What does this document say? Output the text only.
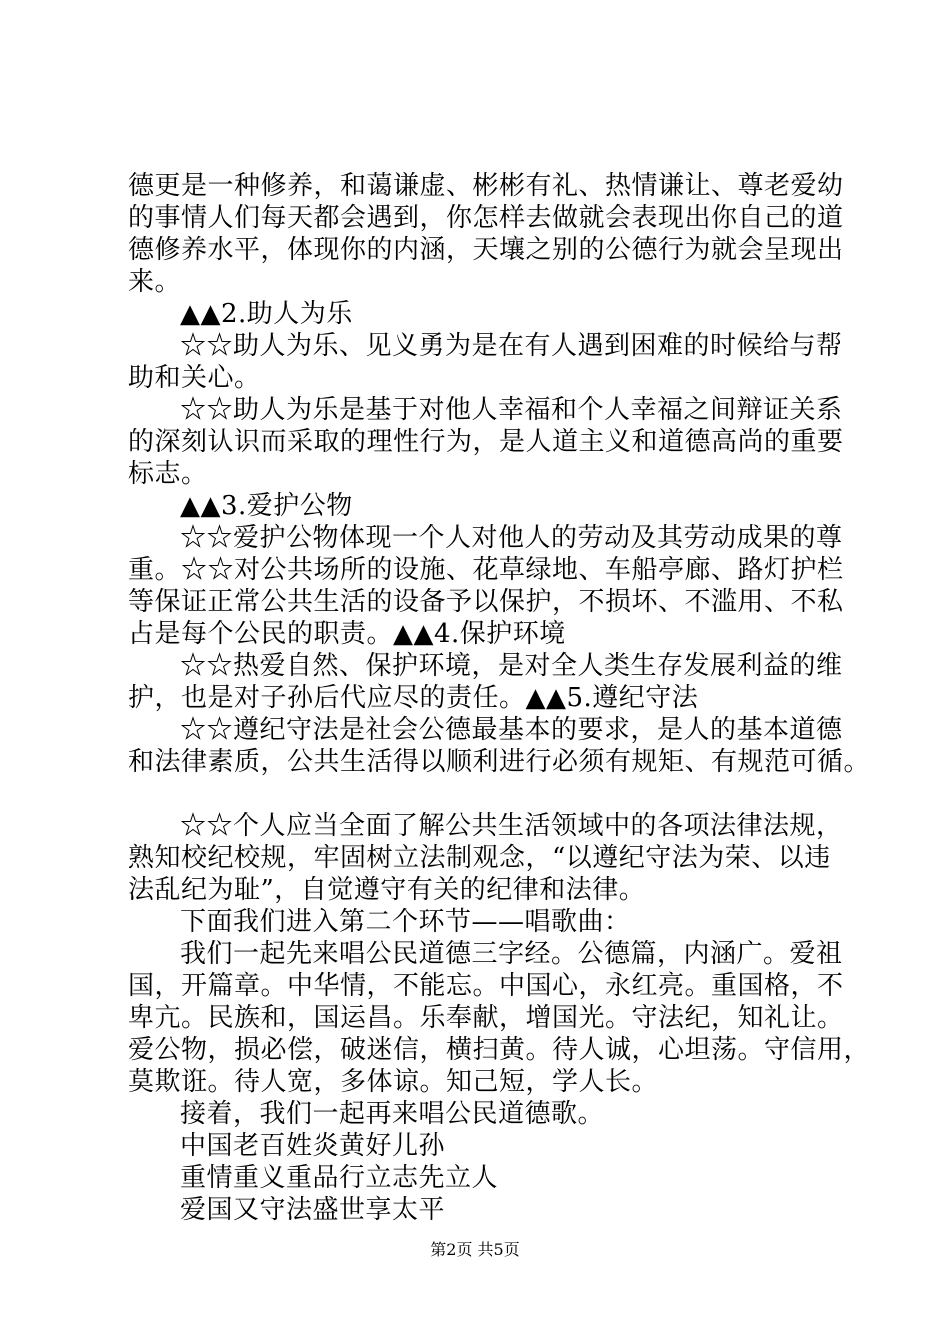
德更是一种修养，和蔼谦虚、彬彬有礼、热情谦让、尊老爱幼
的事情人们每天都会遇到，你怎样去做就会表现出你自己的道
德修养水平，体现你的内涵，天壤之别的公德行为就会呈现出
来。
▲▲2.助人为乐
☆☆助人为乐、见义勇为是在有人遇到困难的时候给与帮
助和关心。
☆☆助人为乐是基于对他人幸福和个人幸福之间辩证关系
的深刻认识而采取的理性行为，是人道主义和道德高尚的重要
标志。
▲▲3.爱护公物
☆☆爱护公物体现一个人对他人的劳动及其劳动成果的尊
重。☆☆对公共场所的设施、花草绿地、车船亭廊、路灯护栏
等保证正常公共生活的设备予以保护，不损坏、不滥用、不私
占是每个公民的职责。▲▲4.保护环境
☆☆热爱自然、保护环境，是对全人类生存发展利益的维
护，也是对子孙后代应尽的责任。▲▲5.遵纪守法
☆☆遵纪守法是社会公德最基本的要求，是人的基本道德
和法律素质，公共生活得以顺利进行必须有规矩、有规范可循。
☆☆个人应当全面了解公共生活领域中的各项法律法规，
熟知校纪校规，牢固树立法制观念，“以遵纪守法为荣、以违
法乱纪为耻”，自觉遵守有关的纪律和法律。
下面我们进入第二个环节——唱歌曲：
我们一起先来唱公民道德三字经。公德篇，内涵广。爱祖
国，开篇章。中华情，不能忘。中国心，永红亮。重国格，不
卑亢。民族和，国运昌。乐奉献，增国光。守法纪，知礼让。
爱公物，损必偿，破迷信，横扫黄。待人诚，心坦荡。守信用，
莫欺诳。待人宽，多体谅。知己短，学人长。
接着，我们一起再来唱公民道德歌。
中国老百姓炎黄好儿孙
重情重义重品行立志先立人
爱国又守法盛世享太平
第2页 共5页
